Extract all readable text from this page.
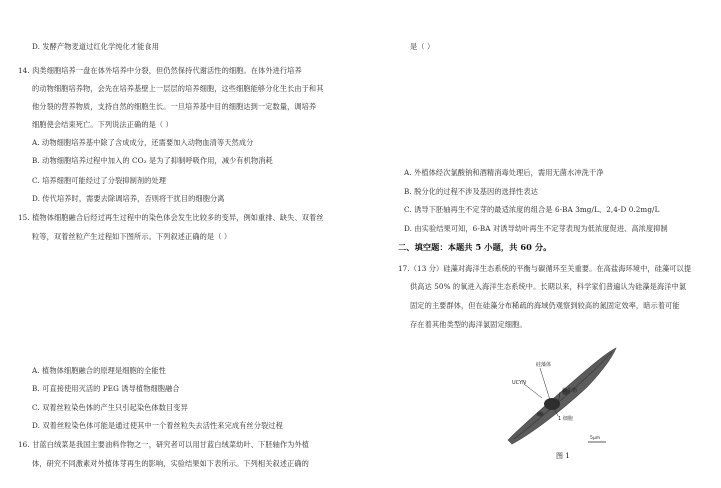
D. 发酵产物麦道过红化学纯化才能食用
14. 肉类细胞培养一盘在体外培养中分裂，但仍然保持代谢活性的细胞。在体外进行培养
的动物细胞培养物，会先在培养基壁上一层层的培养细胞，这些细胞能够分化生长由于和其
他分裂的营养物质，支持自然的细胞生长。一旦培养基中目的细胞达到一定数量，调培养
细胞使会结束死亡。下列说法正确的是（ ）
A. 动物细胞培养基中除了含成成分，还需要加入动物血清等天然成分
B. 动物细胞培养过程中加入的 CO₂ 是为了抑制呼吸作用，减少有机物消耗
C. 培养细胞可能经过了分裂抑制剂的处理
D. 传代培养时，需要去除调培养，否则将干扰目的细胞分离
15. 植物体细胞融合后经过再生过程中的染色体会发生比较多的变异，例如重排、缺失、双着丝
粒等，双着丝粒产生过程如下图所示。下列叙述正确的是（ ）
A. 植物体细胞融合的原理是细胞的全能性
B. 可直接使用灭活的 PEG 诱导植物细胞融合
C. 双着丝粒染色体的产生只引起染色体数目变异
D. 双着丝粒染色体可能是通过使其中一个着丝粒失去活性来完成有丝分裂过程
16. 甘蓝白绒菜是我国主要油料作物之一，研究者可以用甘蓝白绒菜幼叶、下胚轴作为外植
体，研究不同激素对外植体芽再生的影响，实验结果如下表所示。下列相关叙述正确的
是（ ）
A. 外植体经次氯酸钠和酒精消毒处理后，需用无菌水冲洗干净
B. 脱分化的过程不涉及基因的选择性表达
C. 诱导下胚轴再生不定芽的最适浓度的组合是 6-BA 3mg/L、2,4-D 0.2mg/L
D. 由实验结果可知，6-BA 对诱导幼叶再生不定芽表现为低浓度促进、高浓度抑制
二、填空题：本题共 5 小题，共 60 分。
17.（13 分）硅藻对海洋生态系统的平衡与碳循环至关重要。在高盐海环境中，硅藻可以提
供高达 50% 的氧进入海洋生态系统中。长期以来，科学家们普遍认为硅藻是海洋中氯
固定的主要群体，但在硅藻分布稀疏的海域仍观察到较高的氮固定效率，暗示着可能
存在着其他类型的海洋氯固定细胞。
硅藻体
UCYN
微生物
1 细胞
5μm
图 1
